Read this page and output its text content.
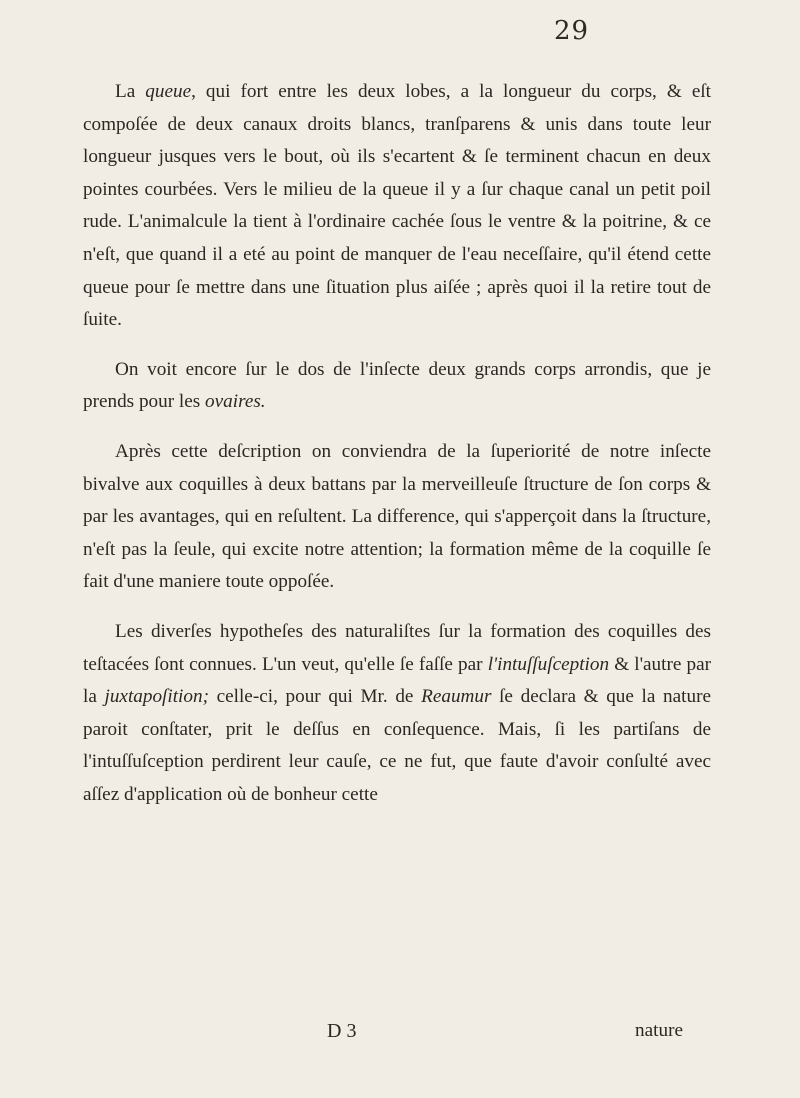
29

La queue, qui fort entre les deux lobes, a la longueur du corps, & eſt compoſée de deux canaux droits blancs, tranſparens & unis dans toute leur longueur jusques vers le bout, où ils s'ecartent & ſe terminent chacun en deux pointes courbées. Vers le milieu de la queue il y a ſur chaque canal un petit poil rude. L'animalcule la tient à l'ordinaire cachée ſous le ventre & la poitrine, & ce n'eſt, que quand il a eté au point de manquer de l'eau neceſſaire, qu'il étend cette queue pour ſe mettre dans une ſituation plus aiſée ; après quoi il la retire tout de ſuite.

On voit encore ſur le dos de l'inſecte deux grands corps arrondis, que je prends pour les ovaires.

Après cette deſcription on conviendra de la ſuperiorité de notre inſecte bivalve aux coquilles à deux battans par la merveilleuſe ſtructure de ſon corps & par les avantages, qui en reſultent. La difference, qui s'apperçoit dans la ſtructure, n'eſt pas la ſeule, qui excite notre attention; la formation même de la coquille ſe fait d'une maniere toute oppoſée.

Les diverſes hypotheſes des naturaliſtes ſur la formation des coquilles des teſtacées ſont connues. L'un veut, qu'elle ſe faſſe par l'intuſſuſception & l'autre par la juxtapoſition; celle-ci, pour qui Mr. de Reaumur ſe declara & que la nature paroit conſtater, prit le deſſus en conſequence. Mais, ſi les partiſans de l'intuſſuſception perdirent leur cauſe, ce ne fut, que faute d'avoir conſulté avec aſſez d'application où de bonheur cette

D 3	nature
